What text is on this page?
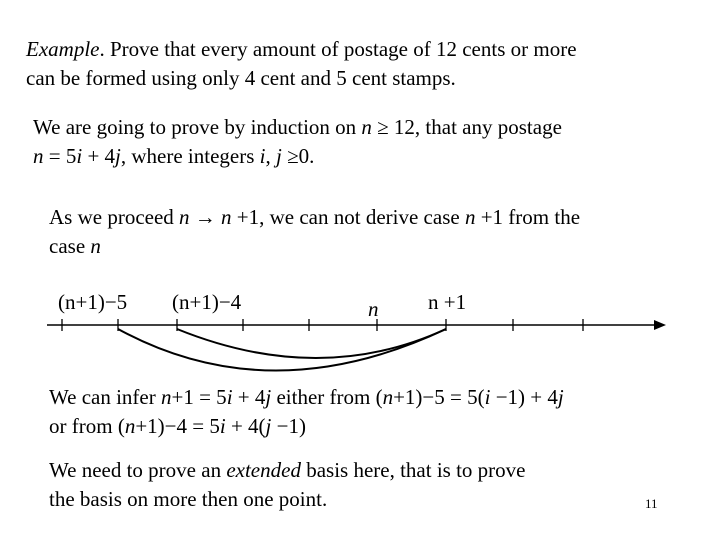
Example. Prove that every amount of postage of 12 cents or more
can be formed using only 4 cent and 5 cent stamps.
We are going to prove by induction on n ≥ 12, that any postage
n = 5i + 4j, where integers i, j ≥0.
As we proceed n → n +1, we can not derive case n +1 from the
case n
(n+1)−5 (n+1)−4	n n +1
We can infer n+1 = 5i + 4j either from (n+1)−5 = 5(i −1) + 4j
or from (n+1)−4 = 5i + 4(j −1)
We need to prove an extended basis here, that is to prove
the basis on more then one point.	11
